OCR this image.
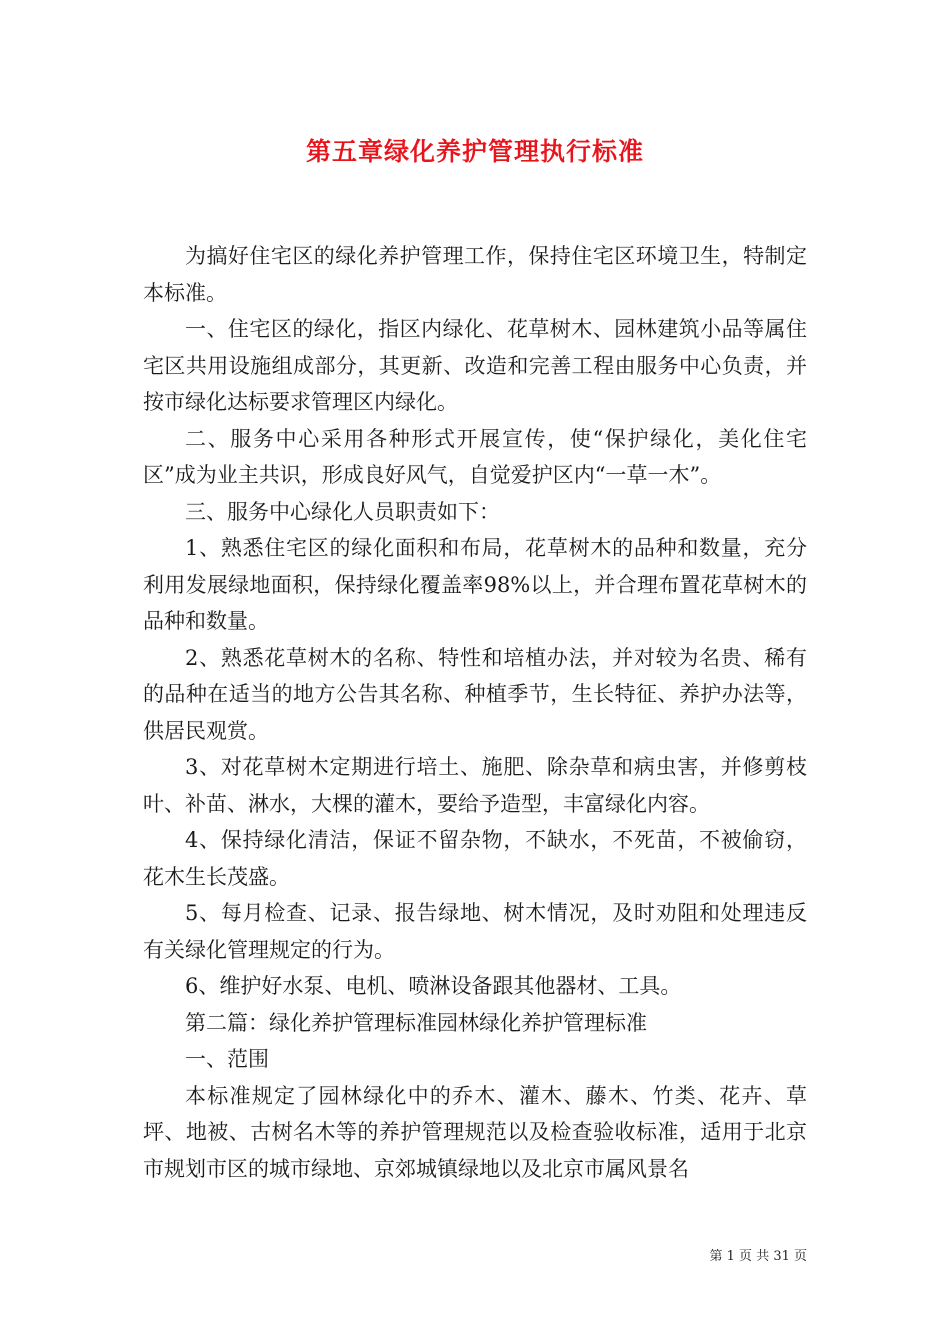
第五章绿化养护管理执行标准

为搞好住宅区的绿化养护管理工作，保持住宅区环境卫生，特制定本标准。

一、住宅区的绿化，指区内绿化、花草树木、园林建筑小品等属住宅区共用设施组成部分，其更新、改造和完善工程由服务中心负责，并按市绿化达标要求管理区内绿化。

二、服务中心采用各种形式开展宣传，使“保护绿化，美化住宅区”成为业主共识，形成良好风气，自觉爱护区内“一草一木”。

三、服务中心绿化人员职责如下：

1、熟悉住宅区的绿化面积和布局，花草树木的品种和数量，充分利用发展绿地面积，保持绿化覆盖率98%以上，并合理布置花草树木的品种和数量。

2、熟悉花草树木的名称、特性和培植办法，并对较为名贵、稀有的品种在适当的地方公告其名称、种植季节，生长特征、养护办法等，供居民观赏。

3、对花草树木定期进行培土、施肥、除杂草和病虫害，并修剪枝叶、补苗、淋水，大棵的灌木，要给予造型，丰富绿化内容。

4、保持绿化清洁，保证不留杂物，不缺水，不死苗，不被偷窃，花木生长茂盛。

5、每月检查、记录、报告绿地、树木情况，及时劝阻和处理违反有关绿化管理规定的行为。

6、维护好水泵、电机、喷淋设备跟其他器材、工具。

第二篇：绿化养护管理标准园林绿化养护管理标准

一、范围

本标准规定了园林绿化中的乔木、灌木、藤木、竹类、花卉、草坪、地被、古树名木等的养护管理规范以及检查验收标准，适用于北京市规划市区的城市绿地、京郊城镇绿地以及北京市属风景名

第 1 页 共 31 页
